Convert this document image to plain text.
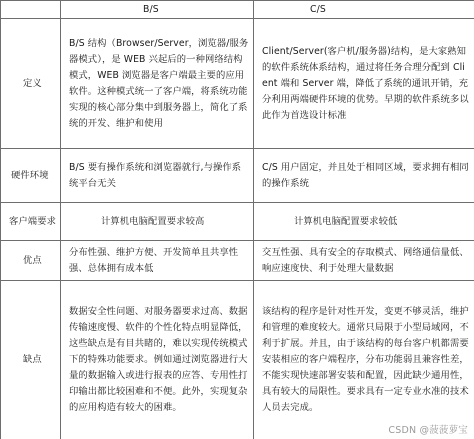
	B/S	C/S
定义	B/S 结构（Browser/Server，浏览器/服务器模式），是 WEB 兴起后的一种网络结构模式，WEB 浏览器是客户端最主要的应用软件。这种模式统一了客户端，将系统功能实现的核心部分集中到服务器上，简化了系统的开发、维护和使用	Client/Server(客户机/服务器)结构，是大家熟知的软件系统体系结构，通过将任务合理分配到 Client 端和 Server 端，降低了系统的通讯开销，充分利用两端硬件环境的优势。早期的软件系统多以此作为首选设计标准
硬件环境	B/S 要有操作系统和浏览器就行,与操作系统平台无关	C/S 用户固定，并且处于相同区域，要求拥有相同的操作系统
客户端要求	计算机电脑配置要求较高	计算机电脑配置要求较低
优点	分布性强、维护方便、开发简单且共享性强、总体拥有成本低	交互性强、具有安全的存取模式、网络通信量低、响应速度快、利于处理大量数据
缺点	数据安全性问题、对服务器要求过高、数据传输速度慢、软件的个性化特点明显降低，这些缺点是有目共睹的，难以实现传统模式下的特殊功能要求。例如通过浏览器进行大量的数据输入或进行报表的应答、专用性打印输出都比较困难和不便。此外，实现复杂的应用构造有较大的困难。	该结构的程序是针对性开发，变更不够灵活，维护和管理的难度较大。通常只局限于小型局域网，不利于扩展。并且，由于该结构的每台客户机都需要安装相应的客户端程序，分布功能弱且兼容性差，不能实现快速部署安装和配置，因此缺少通用性，具有较大的局限性。要求具有一定专业水准的技术人员去完成。
CSDN @菠菠萝宝
